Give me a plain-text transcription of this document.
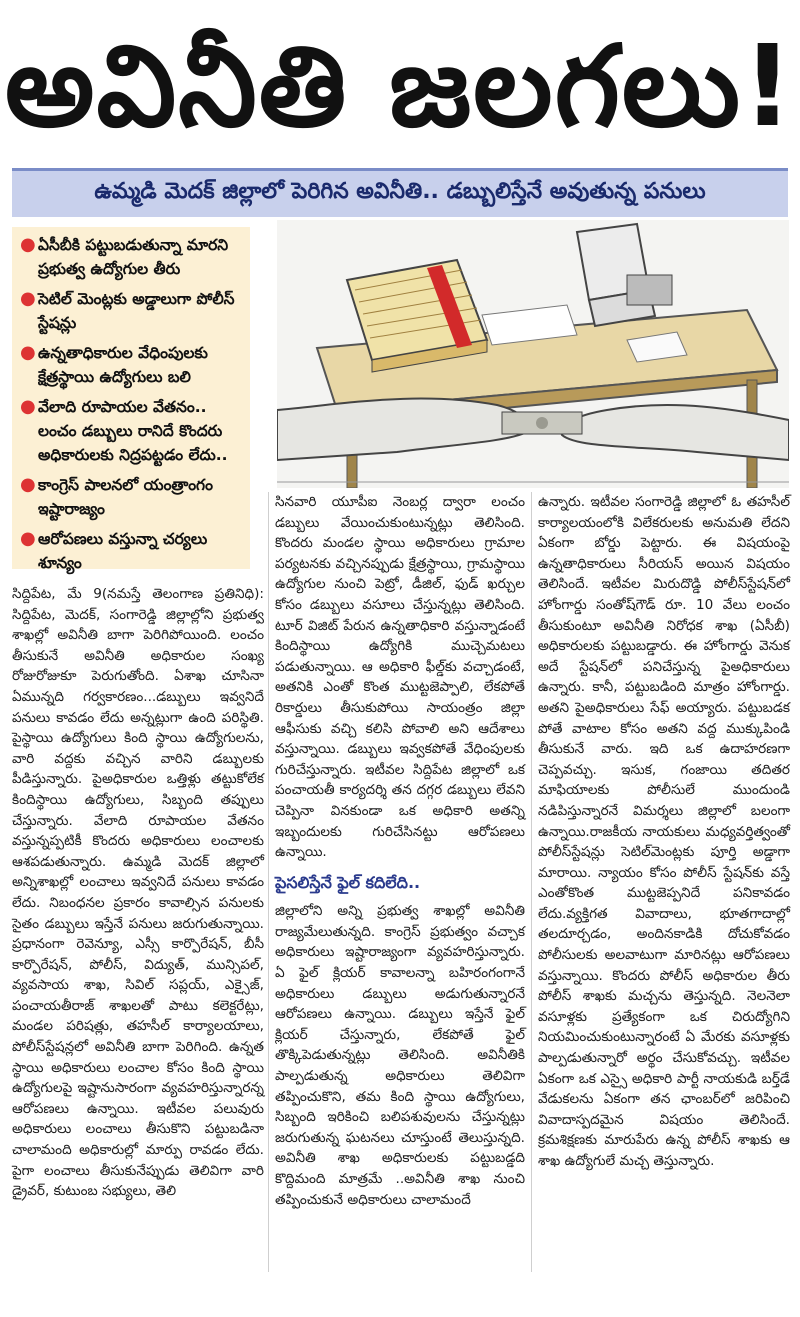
అవినీతి జలగలు!
ఉమ్మడి మెదక్ జిల్లాలో పెరిగిన అవినీతి.. డబ్బులిస్తేనే అవుతున్న పనులు
● ఏసీబీకి పట్టుబడుతున్నా మారని ప్రభుత్వ ఉద్యోగుల తీరు
● సెటిల్ మెంట్లకు అడ్డాలుగా పోలీస్ స్టేషన్లు
● ఉన్నతాధికారుల వేధింపులకు క్షేత్రస్థాయి ఉద్యోగులు బలి
● వేలాది రూపాయల వేతనం.. లంచం డబ్బులు రానిదే కొందరు అధికారులకు నిద్రపట్టడం లేదు..
● కాంగ్రెస్ పాలనలో యంత్రాంగం ఇష్టారాజ్యం
● ఆరోపణలు వస్తున్నా చర్యలు శూన్యం

సిద్దిపేట, మే 9(నమస్తే తెలంగాణ ప్రతినిధి): సిద్దిపేట, మెదక్, సంగారెడ్డి జిల్లాల్లోని ప్రభుత్వ శాఖల్లో అవినీతి బాగా పెరిగిపోయింది. లంచం తీసుకునే అవినీతి అధికారుల సంఖ్య రోజురోజుకూ పెరుగుతోంది. ఏశాఖ చూసినా ఏమున్నది గర్వకారణం...డబ్బులు ఇవ్వనిదే పనులు కావడం లేదు అన్నట్లుగా ఉంది పరిస్థితి. పైస్థాయి ఉద్యోగులు కింది స్థాయి ఉద్యోగులను, వారి వద్దకు వచ్చిన వారిని డబ్బులకు పీడిస్తున్నారు. పైఅధికారుల ఒత్తిళ్లు తట్టుకోలేక కిందిస్థాయి ఉద్యోగులు, సిబ్బంది తప్పులు చేస్తున్నారు. వేలాది రూపాయల వేతనం వస్తున్నప్పటికీ కొందరు అధికారులు లంచాలకు ఆశపడుతున్నారు. ఉమ్మడి మెదక్ జిల్లాలో అన్నిశాఖల్లో లంచాలు ఇవ్వనిదే పనులు కావడం లేదు. నిబంధనల ప్రకారం కావాల్సిన పనులకు సైతం డబ్బులు ఇస్తేనే పనులు జరుగుతున్నాయి. ప్రధానంగా రెవెన్యూ, ఎస్సీ కార్పొరేషన్, బీసీ కార్పొరేషన్, పోలీస్, విద్యుత్, మున్సిపల్, వ్యవసాయ శాఖ, సివిల్ సప్లయ్, ఎక్సైజ్, పంచాయతీరాజ్ శాఖలతో పాటు కలెక్టరేట్లు, మండల పరిషత్లు, తహసీల్ కార్యాలయాలు, పోలీస్‌స్టేషన్లలో అవినీతి బాగా పెరిగింది. ఉన్నత స్థాయి అధికారులు లంచాల కోసం కింది స్థాయి ఉద్యోగులపై ఇష్టానుసారంగా వ్యవహరిస్తున్నారన్న ఆరోపణలు ఉన్నాయి. ఇటీవల పలువురు అధికారులు లంచాలు తీసుకొని పట్టుబడినా చాలామంది అధికారుల్లో మార్పు రావడం లేదు. పైగా లంచాలు తీసుకునేప్పుడు తెలివిగా వారి డ్రైవర్, కుటుంబ సభ్యులు, తెలి

సినవారి యూపీఐ నెంబర్ల ద్వారా లంచం డబ్బులు వేయించుకుంటున్నట్లు తెలిసింది. కొందరు మండల స్థాయి అధికారులు గ్రామాల పర్యటనకు వచ్చినప్పుడు క్షేత్రస్థాయి, గ్రామస్థాయి ఉద్యోగుల నుంచి పెట్రో, డీజిల్, ఫుడ్ ఖర్చుల కోసం డబ్బులు వసూలు చేస్తున్నట్లు తెలిసింది. టూర్ విజిట్ పేరున ఉన్నతాధికారి వస్తున్నాడంటే కిందిస్థాయి ఉద్యోగికి ముచ్చెమటలు పడుతున్నాయి. ఆ అధికారి ఫీల్డ్‌కు వచ్చాడంటే, అతనికి ఎంతో కొంత ముట్టజెప్పాలి, లేకపోతే రికార్డులు తీసుకుపోయి సాయంత్రం జిల్లా ఆఫీసుకు వచ్చి కలిసి పోవాలి అని ఆదేశాలు వస్తున్నాయి. డబ్బులు ఇవ్వకపోతే వేధింపులకు గురిచేస్తున్నారు. ఇటీవల సిద్దిపేట జిల్లాలో ఒక పంచాయతీ కార్యదర్శి తన దగ్గర డబ్బులు లేవని చెప్పినా వినకుండా ఒక అధికారి అతన్ని ఇబ్బందులకు గురిచేసినట్టు ఆరోపణలు ఉన్నాయి.

పైసలిస్తేనే ఫైల్ కదిలేది..

జిల్లాలోని అన్ని ప్రభుత్వ శాఖల్లో అవినీతి రాజ్యమేలుతున్నది. కాంగ్రెస్ ప్రభుత్వం వచ్చాక అధికారులు ఇష్టారాజ్యంగా వ్యవహరిస్తున్నారు. ఏ ఫైల్ క్లియర్ కావాలన్నా బహిరంగంగానే అధికారులు డబ్బులు అడుగుతున్నారనే ఆరోపణలు ఉన్నాయి. డబ్బులు ఇస్తేనే ఫైల్ క్లియర్ చేస్తున్నారు, లేకపోతే ఫైల్ తొక్కిపెడుతున్నట్లు తెలిసింది. అవినీతికి పాల్పడుతున్న అధికారులు తెలివిగా తప్పించుకొని, తమ కింది స్థాయి ఉద్యోగులు, సిబ్బంది ఇరికించి బలిపశువులను చేస్తున్నట్లు జరుగుతున్న ఘటనలు చూస్తుంటే తెలుస్తున్నది. అవినీతి శాఖ అధికారులకు పట్టుబడ్డది కొద్దిమంది మాత్రమే ..అవినీతి శాఖ నుంచి తప్పించుకునే అధికారులు చాలామందే

ఉన్నారు. ఇటీవల సంగారెడ్డి జిల్లాలో ఓ తహసీల్ కార్యాలయంలోకి విలేకరులకు అనుమతి లేదని ఏకంగా బోర్డు పెట్టారు. ఈ విషయంపై ఉన్నతాధికారులు సీరియస్ అయిన విషయం తెలిసిందే. ఇటీవల మిరుదొడ్డి పోలీస్‌స్టేషన్‌లో హోంగార్డు సంతోష్‌గౌడ్ రూ. 10 వేలు లంచం తీసుకుంటూ అవినీతి నిరోధక శాఖ (ఏసీబీ) అధికారులకు పట్టుబడ్డారు. ఈ హోంగార్డు వెనుక అదే స్టేషన్‌లో పనిచేస్తున్న పైఅధికారులు ఉన్నారు. కానీ, పట్టుబడింది మాత్రం హోంగార్డు. అతని పైఅధికారులు సేఫ్ అయ్యారు. పట్టుబడక పోతే వాటాల కోసం అతని వద్ద ముక్కుపిండి తీసుకునే వారు. ఇది ఒక ఉదాహరణగా చెప్పవచ్చు. ఇసుక, గంజాయి తదితర మాఫియాలకు పోలీసులే ముందుండి నడిపిస్తున్నారనే విమర్శలు జిల్లాలో బలంగా ఉన్నాయి.రాజకీయ నాయకులు మధ్యవర్తిత్వంతో పోలీస్‌స్టేషన్లు సెటిల్‌మెంట్లకు పూర్తి అడ్డాగా మారాయి. న్యాయం కోసం పోలీస్ స్టేషన్‌కు వస్తే ఎంతోకొంత ముట్టజెప్పనిదే పనికావడం లేదు.వ్యక్తిగత వివాదాలు, భూతగాదాల్లో తలదూర్చడం, అందినకాడికి దోచుకోవడం పోలీసులకు అలవాటుగా మారినట్లు ఆరోపణలు వస్తున్నాయి. కొందరు పోలీస్ అధికారుల తీరు పోలీస్ శాఖకు మచ్చను తెస్తున్నది. నెలనెలా వసూళ్లకు ప్రత్యేకంగా ఒక చిరుద్యోగిని నియమించుకుంటున్నారంటే ఏ మేరకు వసూళ్లకు పాల్పడుతున్నారో అర్థం చేసుకోవచ్చు. ఇటీవల ఏకంగా ఒక ఎస్సై అధికారి పార్టీ నాయకుడి బర్త్‌డే వేడుకలను ఏకంగా తన ఛాంబర్‌లో జరిపించి వివాదాస్పదమైన విషయం తెలిసిందే. క్రమశిక్షణకు మారుపేరు ఉన్న పోలీస్ శాఖకు ఆ శాఖ ఉద్యోగులే మచ్చ తెస్తున్నారు.
